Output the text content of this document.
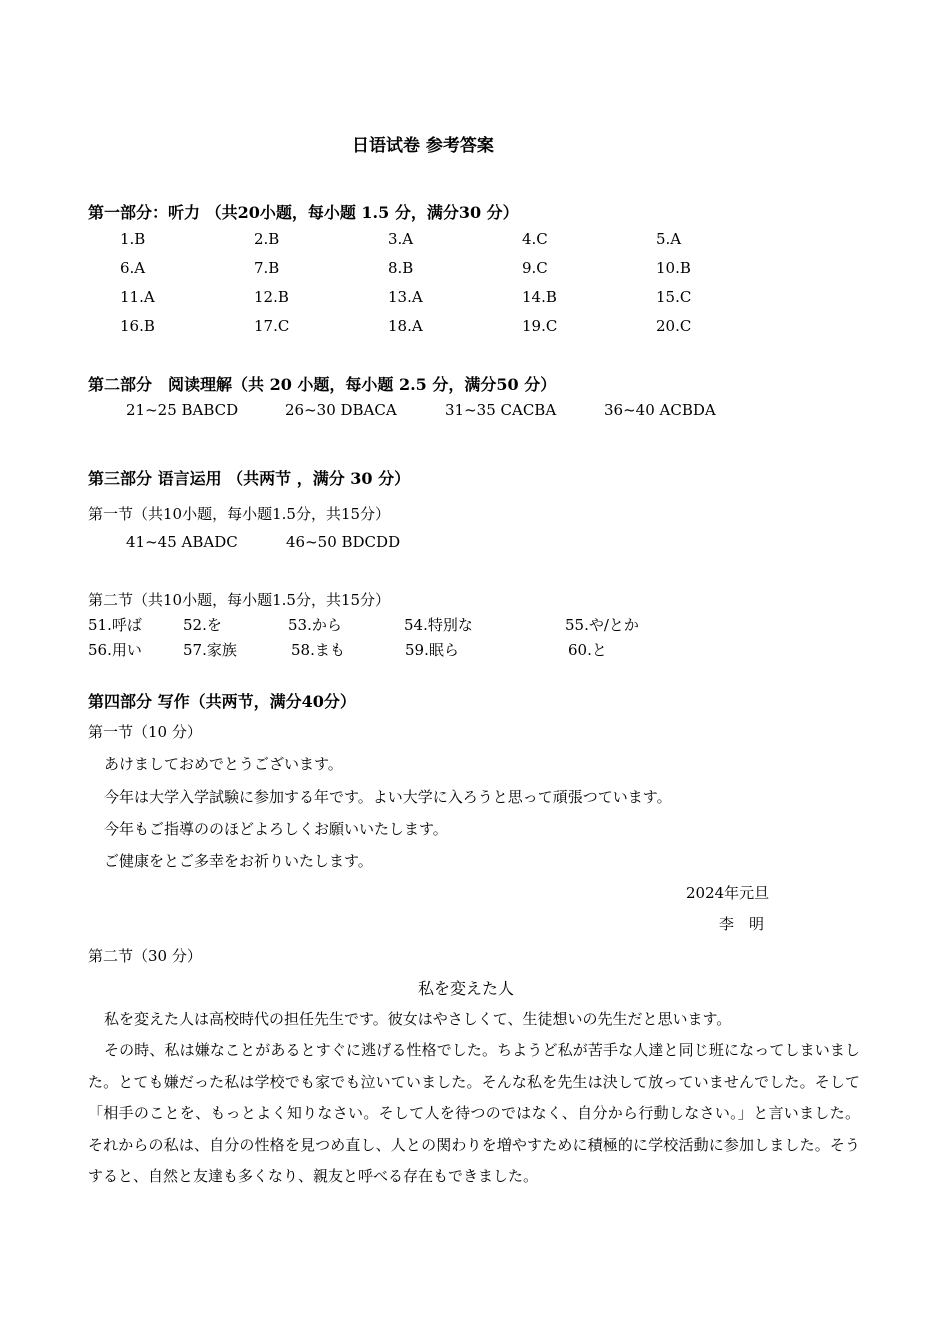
日语试卷 参考答案
第一部分：听力 （共20小题，每小题 1.5 分，满分30 分）
1.B	2.B	3.A	4.C	5.A
6.A	7.B	8.B	9.C	10.B
11.A	12.B	13.A	14.B	15.C
16.B	17.C	18.A	19.C	20.C
第二部分　阅读理解（共 20 小题，每小题 2.5 分，满分50 分）
21~25 BABCD	26~30 DBACA	31~35 CACBA	36~40 ACBDA
第三部分 语言运用 （共两节 ，满分 30 分）
第一节（共10小题，每小题1.5分，共15分）
41~45 ABADC	46~50 BDCDD
第二节（共10小题，每小题1.5分，共15分）
51.呼ば	52.を	53.から	54.特別な	55.や/とか
56.用い	57.家族	58.まも	59.眠ら	60.と
第四部分 写作（共两节，满分40分）
第一节（10 分）
あけましておめでとうございます。
今年は大学入学試験に参加する年です。よい大学に入ろうと思って頑張つています。
今年もご指導ののほどよろしくお願いいたします。
ご健康をとご多幸をお祈りいたします。
2024年元旦
李　明
第二节（30 分）
私を変えた人

私を変えた人は高校時代の担任先生です。彼女はやさしくて、生徒想いの先生だと思います。

その時、私は嫌なことがあるとすぐに逃げる性格でした。ちようど私が苦手な人達と同じ班になってしまいました。とても嫌だった私は学校でも家でも泣いていました。そんな私を先生は決して放っていませんでした。そして「相手のことを、もっとよく知りなさい。そして人を待つのではなく、自分から行動しなさい。」と言いました。それからの私は、自分の性格を見つめ直し、人との関わりを増やすために積極的に学校活動に参加しました。そうすると、自然と友達も多くなり、親友と呼べる存在もできました。
